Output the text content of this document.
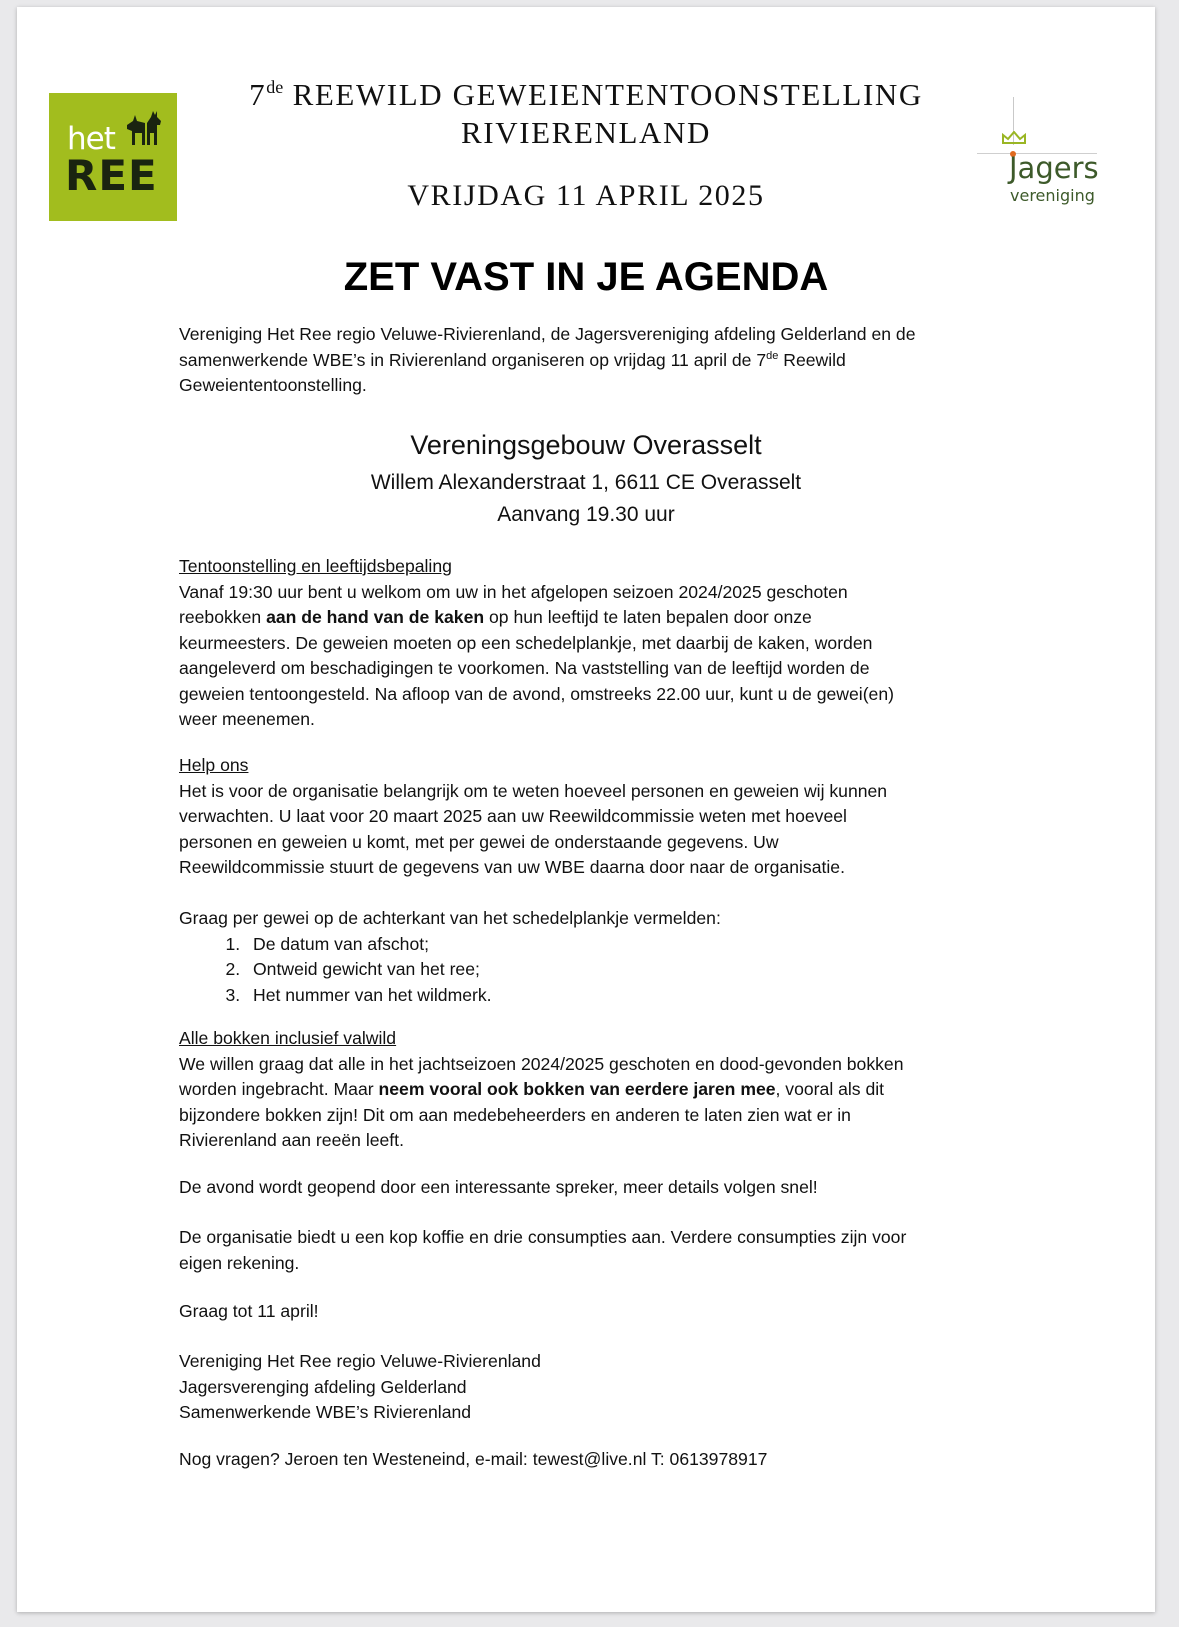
het
REE
7de REEWILD GEWEIENTENTOONSTELLING
RIVIERENLAND
VRIJDAG 11 APRIL 2025
Jagers
vereniging
ZET VAST IN JE AGENDA

Vereniging Het Ree regio Veluwe-Rivierenland, de Jagersvereniging afdeling Gelderland en de

samenwerkende WBE’s in Rivierenland organiseren op vrijdag 11 april de 7de Reewild

Geweiententoonstelling.

Vereningsgebouw Overasselt
Willem Alexanderstraat 1, 6611 CE Overasselt
Aanvang 19.30 uur

Tentoonstelling en leeftijdsbepaling

Vanaf 19:30 uur bent u welkom om uw in het afgelopen seizoen 2024/2025 geschoten

reebokken aan de hand van de kaken op hun leeftijd te laten bepalen door onze

keurmeesters. De geweien moeten op een schedelplankje, met daarbij de kaken, worden

aangeleverd om beschadigingen te voorkomen. Na vaststelling van de leeftijd worden de

geweien tentoongesteld. Na afloop van de avond, omstreeks 22.00 uur, kunt u de gewei(en)

weer meenemen.

Help ons

Het is voor de organisatie belangrijk om te weten hoeveel personen en geweien wij kunnen

verwachten. U laat voor 20 maart 2025 aan uw Reewildcommissie weten met hoeveel

personen en geweien u komt, met per gewei de onderstaande gegevens. Uw

Reewildcommissie stuurt de gegevens van uw WBE daarna door naar de organisatie.

Graag per gewei op de achterkant van het schedelplankje vermelden:

1. De datum van afschot;
2. Ontweid gewicht van het ree;
3. Het nummer van het wildmerk.

Alle bokken inclusief valwild

We willen graag dat alle in het jachtseizoen 2024/2025 geschoten en dood-gevonden bokken

worden ingebracht. Maar neem vooral ook bokken van eerdere jaren mee, vooral als dit

bijzondere bokken zijn! Dit om aan medebeheerders en anderen te laten zien wat er in

Rivierenland aan reeën leeft.

De avond wordt geopend door een interessante spreker, meer details volgen snel!

De organisatie biedt u een kop koffie en drie consumpties aan. Verdere consumpties zijn voor

eigen rekening.

Graag tot 11 april!

Vereniging Het Ree regio Veluwe-Rivierenland

Jagersverenging afdeling Gelderland

Samenwerkende WBE’s Rivierenland

Nog vragen? Jeroen ten Westeneind, e-mail: tewest@live.nl T: 0613978917
